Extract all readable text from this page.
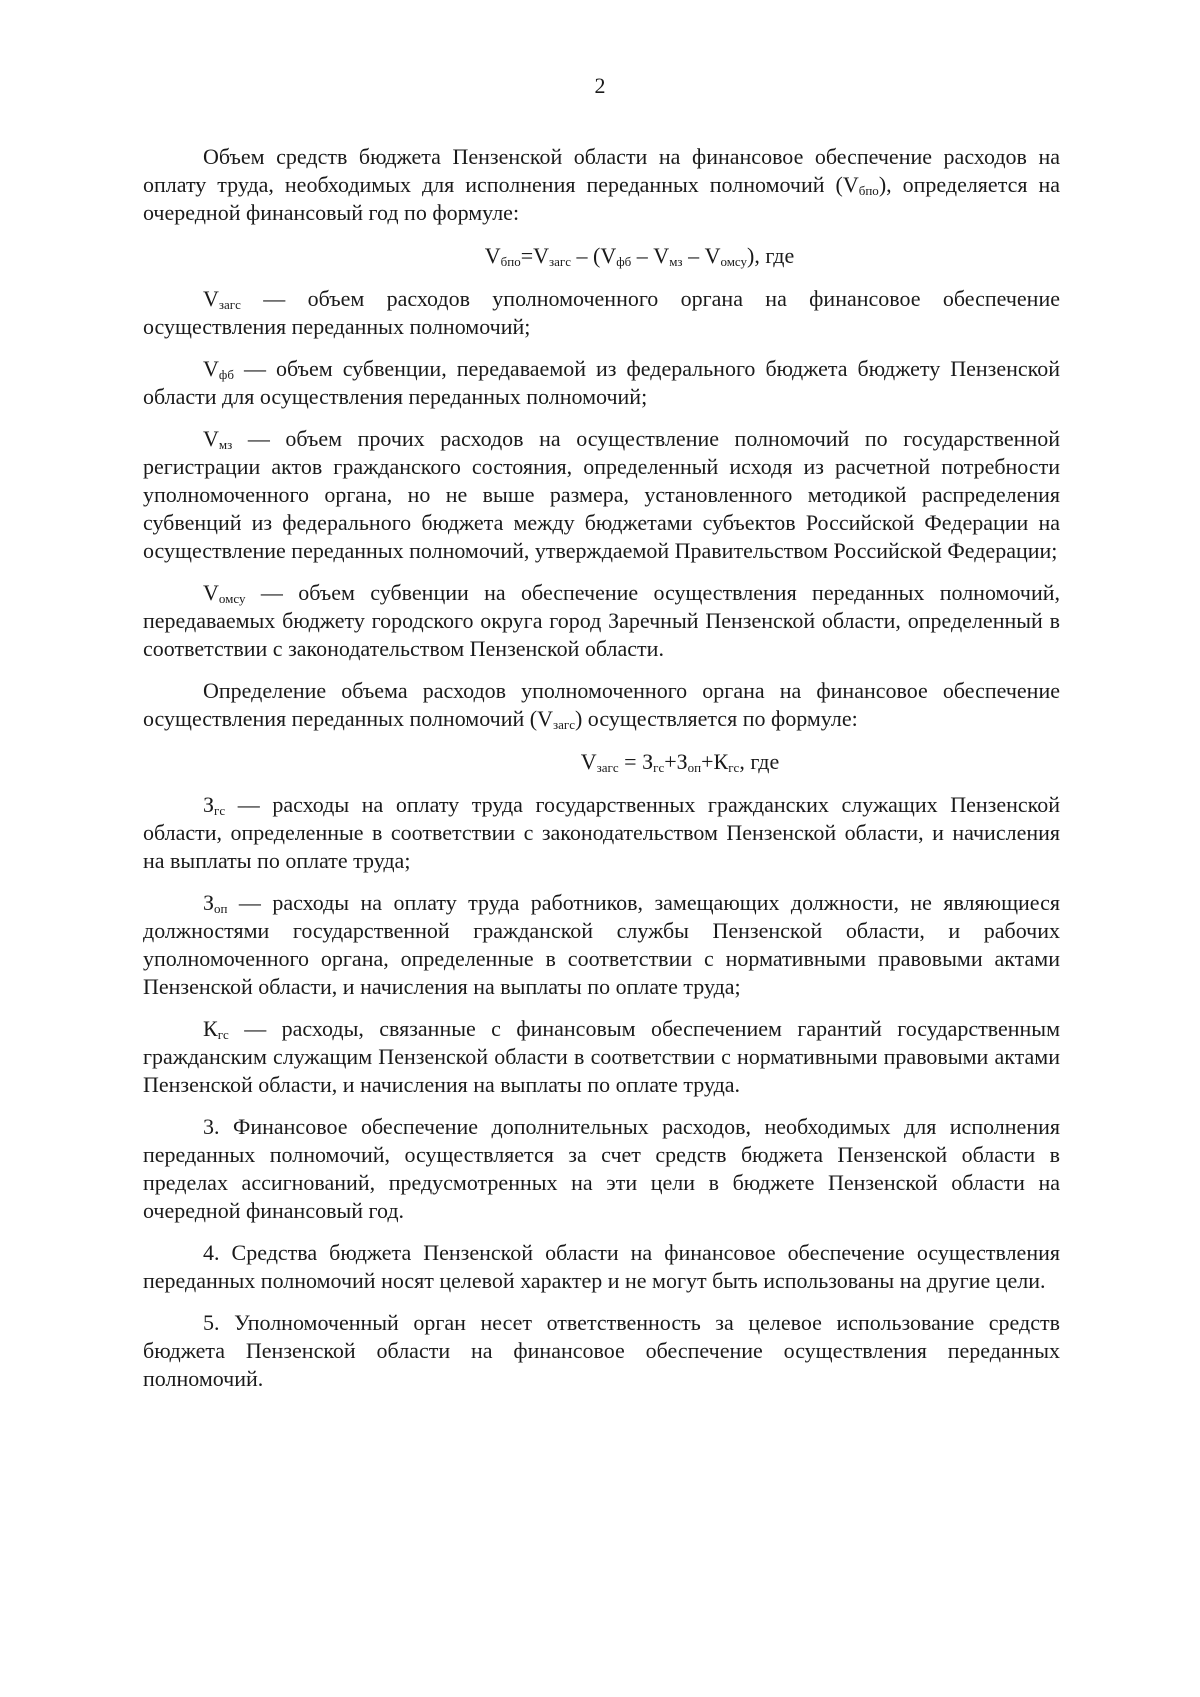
2

Объем средств бюджета Пензенской области на финансовое обеспечение расходов на оплату труда, необходимых для исполнения переданных полномочий $(V_{бпо})$, определяется на очередной финансовый год по формуле:

$V_{бпо}=V_{загс} - (V_{фб} - V_{мз} - V_{омсу})$, где

$V_{загс}$ — объем расходов уполномоченного органа на финансовое обеспечение осуществления переданных полномочий;

$V_{фб}$ — объем субвенции, передаваемой из федерального бюджета бюджету Пензенской области для осуществления переданных полномочий;

$V_{мз}$ — объем прочих расходов на осуществление полномочий по государственной регистрации актов гражданского состояния, определенный исходя из расчетной потребности уполномоченного органа, но не выше размера, установленного методикой распределения субвенций из федерального бюджета между бюджетами субъектов Российской Федерации на осуществление переданных полномочий, утверждаемой Правительством Российской Федерации;

$V_{омсу}$ — объем субвенции на обеспечение осуществления переданных полномочий, передаваемых бюджету городского округа город Заречный Пензенской области, определенный в соответствии с законодательством Пензенской области.

Определение объема расходов уполномоченного органа на финансовое обеспечение осуществления переданных полномочий $(V_{загс})$ осуществляется по формуле:

$V_{загс} = З_{гс}+З_{оп}+К_{гс}$, где

$З_{гс}$ — расходы на оплату труда государственных гражданских служащих Пензенской области, определенные в соответствии с законодательством Пензенской области, и начисления на выплаты по оплате труда;

$З_{оп}$ — расходы на оплату труда работников, замещающих должности, не являющиеся должностями государственной гражданской службы Пензенской области, и рабочих уполномоченного органа, определенные в соответствии с нормативными правовыми актами Пензенской области, и начисления на выплаты по оплате труда;

$К_{гс}$ — расходы, связанные с финансовым обеспечением гарантий государственным гражданским служащим Пензенской области в соответствии с нормативными правовыми актами Пензенской области, и начисления на выплаты по оплате труда.

3. Финансовое обеспечение дополнительных расходов, необходимых для исполнения переданных полномочий, осуществляется за счет средств бюджета Пензенской области в пределах ассигнований, предусмотренных на эти цели в бюджете Пензенской области на очередной финансовый год.

4. Средства бюджета Пензенской области на финансовое обеспечение осуществления переданных полномочий носят целевой характер и не могут быть использованы на другие цели.

5. Уполномоченный орган несет ответственность за целевое использование средств бюджета Пензенской области на финансовое обеспечение осуществления переданных полномочий.
